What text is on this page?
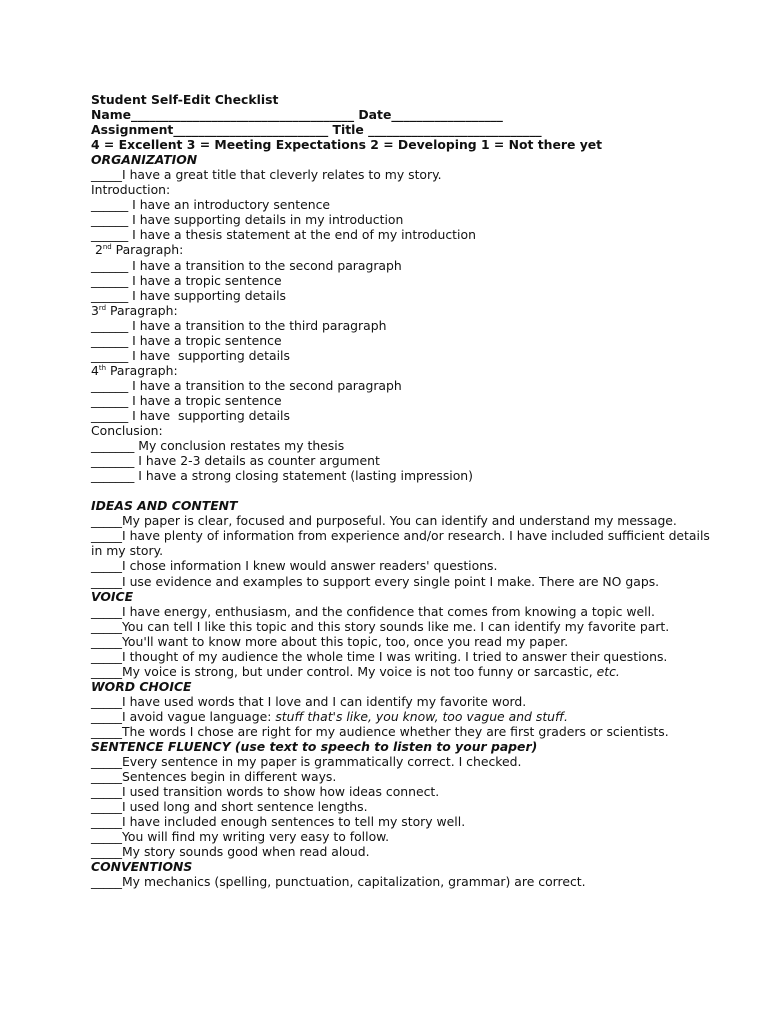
Student Self-Edit Checklist
Name____________________________________ Date__________________
Assignment_________________________ Title ____________________________
4 = Excellent 3 = Meeting Expectations 2 = Developing 1 = Not there yet
ORGANIZATION
_____I have a great title that cleverly relates to my story.
Introduction:
______ I have an introductory sentence
______ I have supporting details in my introduction
______ I have a thesis statement at the end of my introduction
2nd Paragraph:
______ I have a transition to the second paragraph
______ I have a tropic sentence
______ I have supporting details
3rd Paragraph:
______ I have a transition to the third paragraph
______ I have a tropic sentence
______ I have  supporting details
4th Paragraph:
______ I have a transition to the second paragraph
______ I have a tropic sentence
______ I have  supporting details
Conclusion:
_______ My conclusion restates my thesis
_______ I have 2-3 details as counter argument
_______ I have a strong closing statement (lasting impression)
IDEAS AND CONTENT
_____My paper is clear, focused and purposeful. You can identify and understand my message.
_____I have plenty of information from experience and/or research. I have included sufficient details in my story.
_____I chose information I knew would answer readers' questions.
_____I use evidence and examples to support every single point I make. There are NO gaps.
VOICE
_____I have energy, enthusiasm, and the confidence that comes from knowing a topic well.
_____You can tell I like this topic and this story sounds like me. I can identify my favorite part.
_____You'll want to know more about this topic, too, once you read my paper.
_____I thought of my audience the whole time I was writing. I tried to answer their questions.
_____My voice is strong, but under control. My voice is not too funny or sarcastic, etc.
WORD CHOICE
_____I have used words that I love and I can identify my favorite word.
_____I avoid vague language: stuff that's like, you know, too vague and stuff.
_____The words I chose are right for my audience whether they are first graders or scientists.
SENTENCE FLUENCY (use text to speech to listen to your paper)
_____Every sentence in my paper is grammatically correct. I checked.
_____Sentences begin in different ways.
_____I used transition words to show how ideas connect.
_____I used long and short sentence lengths.
_____I have included enough sentences to tell my story well.
_____You will find my writing very easy to follow.
_____My story sounds good when read aloud.
CONVENTIONS
_____My mechanics (spelling, punctuation, capitalization, grammar) are correct.
